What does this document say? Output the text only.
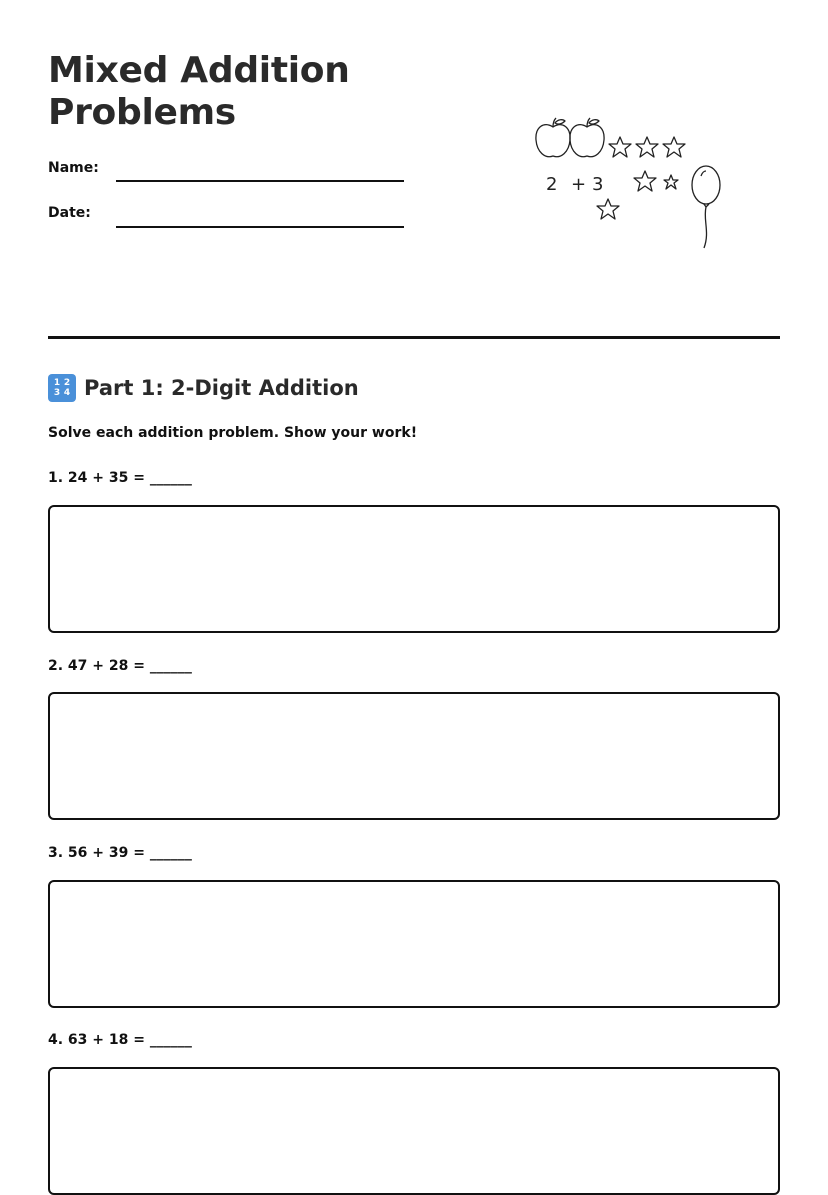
Mixed Addition Problems
Name:
Date:
2 + 3
1 2
3 4 Part 1: 2-Digit Addition
Solve each addition problem. Show your work!
1. 24 + 35 = ______
2. 47 + 28 = ______
3. 56 + 39 = ______
4. 63 + 18 = ______
